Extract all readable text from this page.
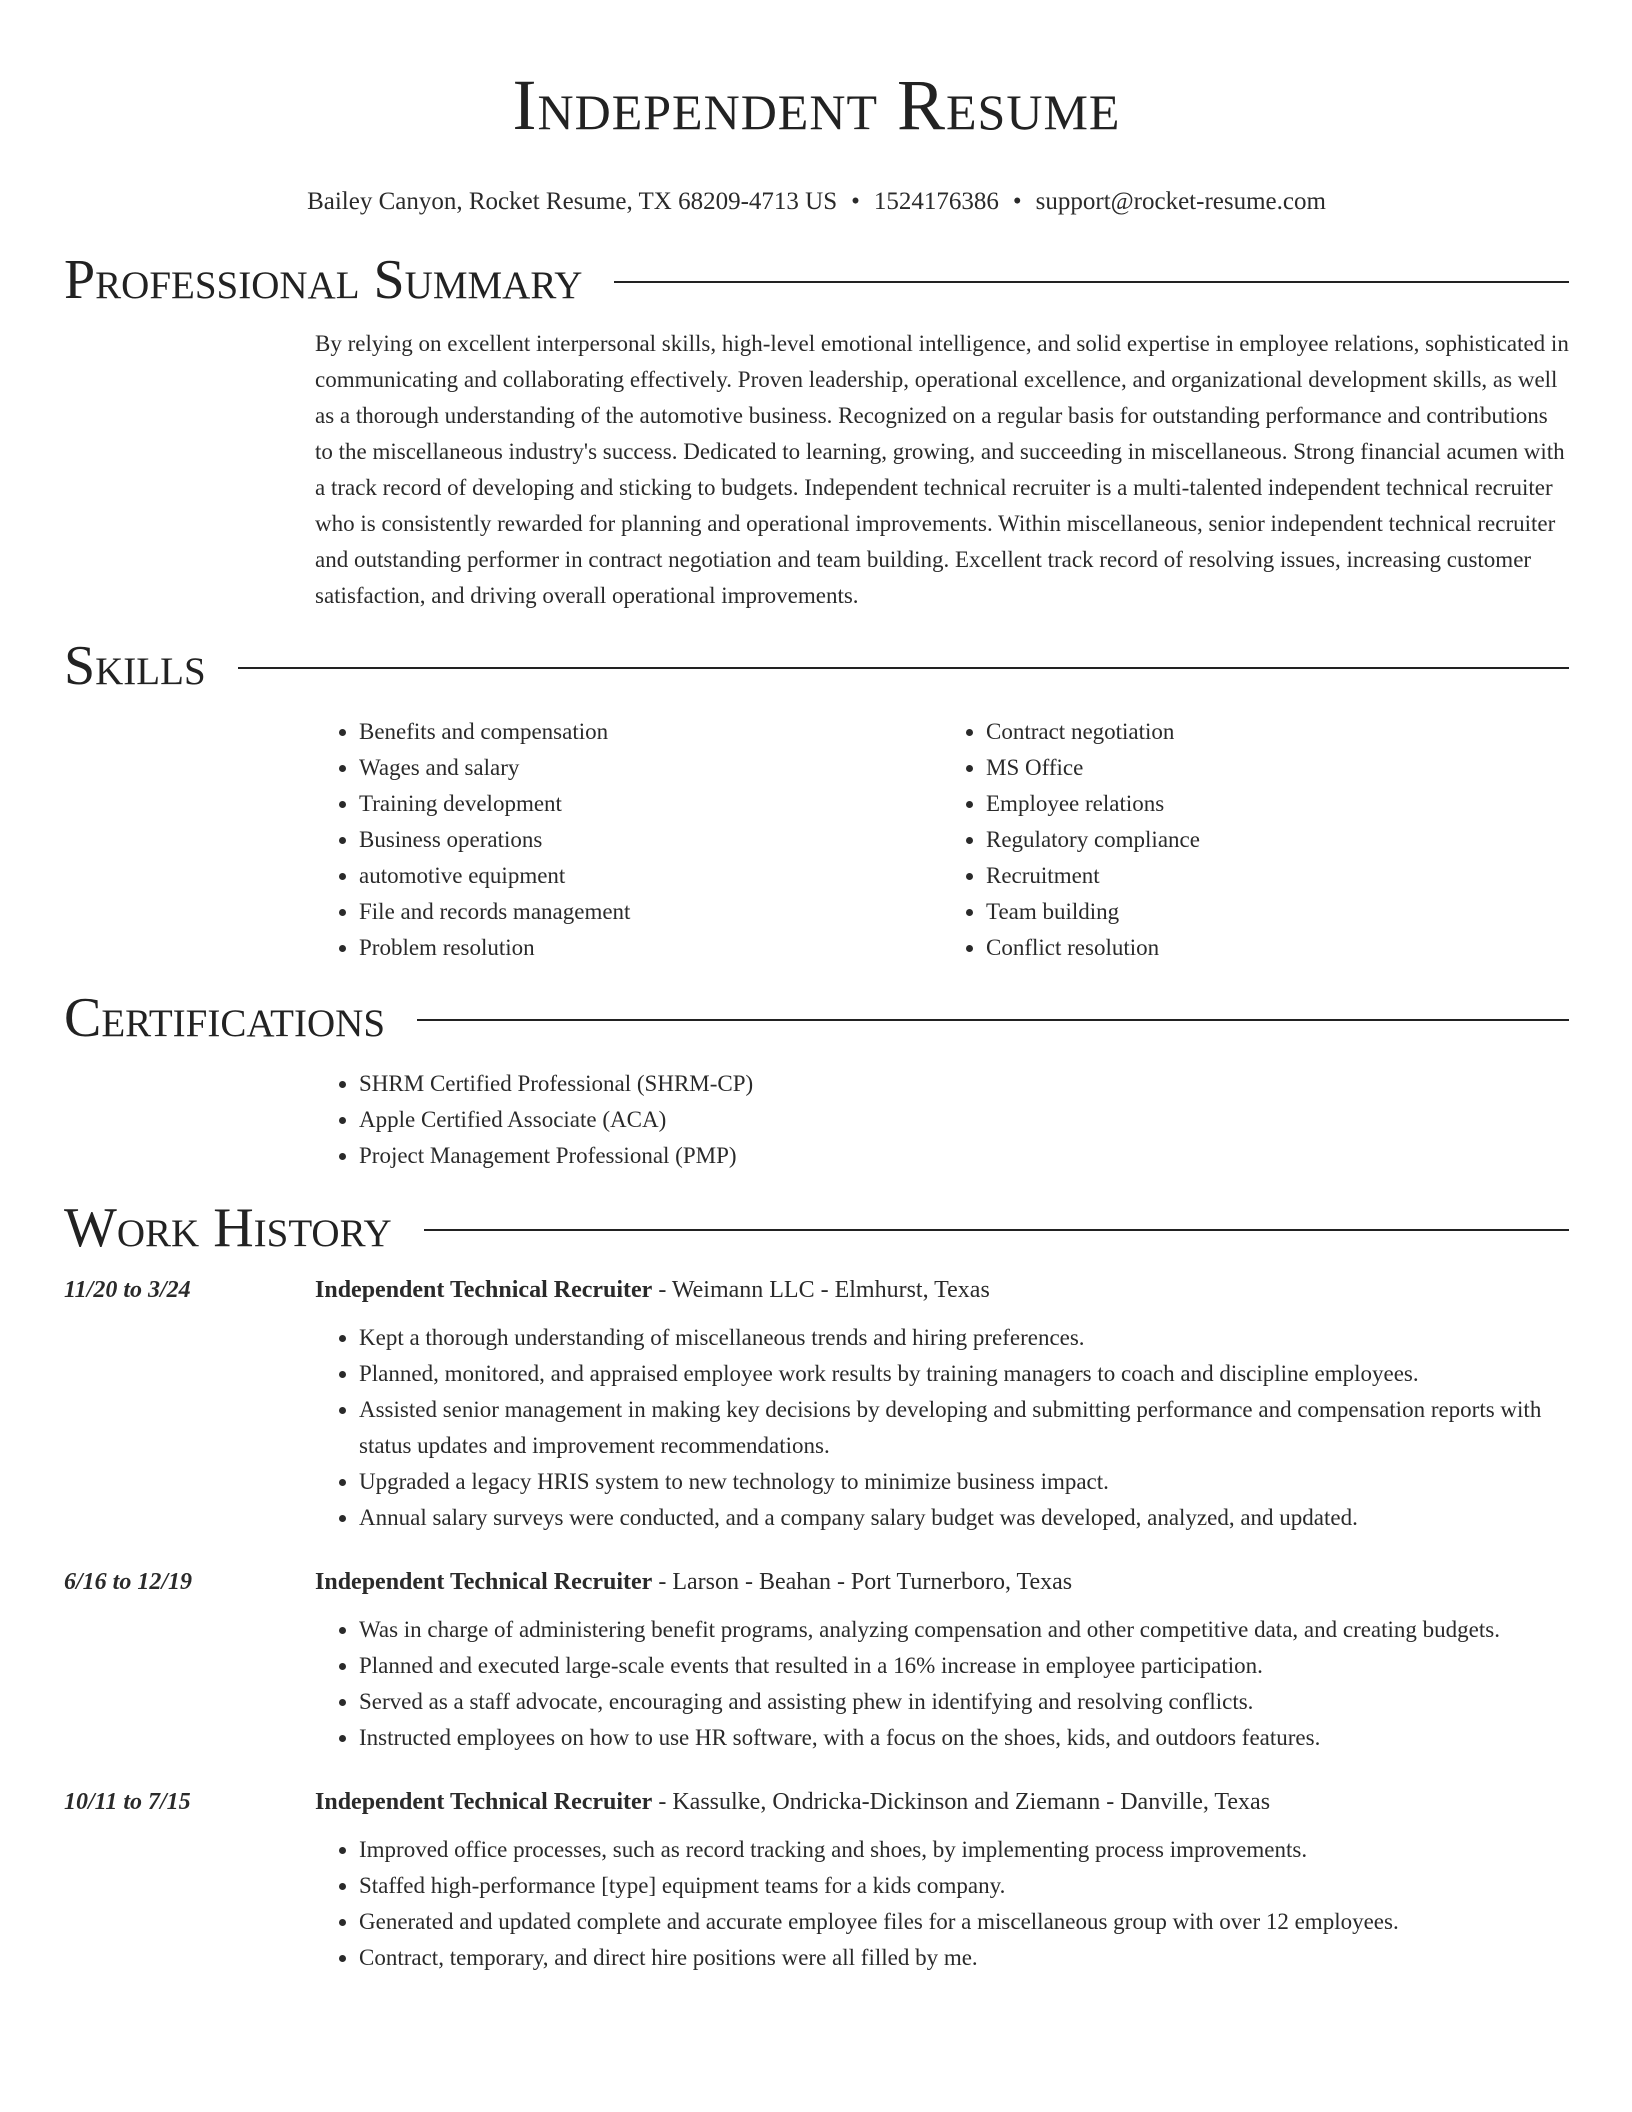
Independent Resume
Bailey Canyon, Rocket Resume, TX 68209-4713 US • 1524176386 • support@rocket-resume.com
Professional Summary
By relying on excellent interpersonal skills, high-level emotional intelligence, and solid expertise in employee relations, sophisticated in communicating and collaborating effectively. Proven leadership, operational excellence, and organizational development skills, as well as a thorough understanding of the automotive business. Recognized on a regular basis for outstanding performance and contributions to the miscellaneous industry's success. Dedicated to learning, growing, and succeeding in miscellaneous. Strong financial acumen with a track record of developing and sticking to budgets. Independent technical recruiter is a multi-talented independent technical recruiter who is consistently rewarded for planning and operational improvements. Within miscellaneous, senior independent technical recruiter and outstanding performer in contract negotiation and team building. Excellent track record of resolving issues, increasing customer satisfaction, and driving overall operational improvements.
Skills
• Benefits and compensation
• Wages and salary
• Training development
• Business operations
• automotive equipment
• File and records management
• Problem resolution
• Contract negotiation
• MS Office
• Employee relations
• Regulatory compliance
• Recruitment
• Team building
• Conflict resolution
Certifications
• SHRM Certified Professional (SHRM-CP)
• Apple Certified Associate (ACA)
• Project Management Professional (PMP)
Work History
11/20 to 3/24	Independent Technical Recruiter - Weimann LLC - Elmhurst, Texas
• Kept a thorough understanding of miscellaneous trends and hiring preferences.
• Planned, monitored, and appraised employee work results by training managers to coach and discipline employees.
• Assisted senior management in making key decisions by developing and submitting performance and compensation reports with status updates and improvement recommendations.
• Upgraded a legacy HRIS system to new technology to minimize business impact.
• Annual salary surveys were conducted, and a company salary budget was developed, analyzed, and updated.
6/16 to 12/19	Independent Technical Recruiter - Larson - Beahan - Port Turnerboro, Texas
• Was in charge of administering benefit programs, analyzing compensation and other competitive data, and creating budgets.
• Planned and executed large-scale events that resulted in a 16% increase in employee participation.
• Served as a staff advocate, encouraging and assisting phew in identifying and resolving conflicts.
• Instructed employees on how to use HR software, with a focus on the shoes, kids, and outdoors features.
10/11 to 7/15	Independent Technical Recruiter - Kassulke, Ondricka-Dickinson and Ziemann - Danville, Texas
• Improved office processes, such as record tracking and shoes, by implementing process improvements.
• Staffed high-performance [type] equipment teams for a kids company.
• Generated and updated complete and accurate employee files for a miscellaneous group with over 12 employees.
• Contract, temporary, and direct hire positions were all filled by me.
